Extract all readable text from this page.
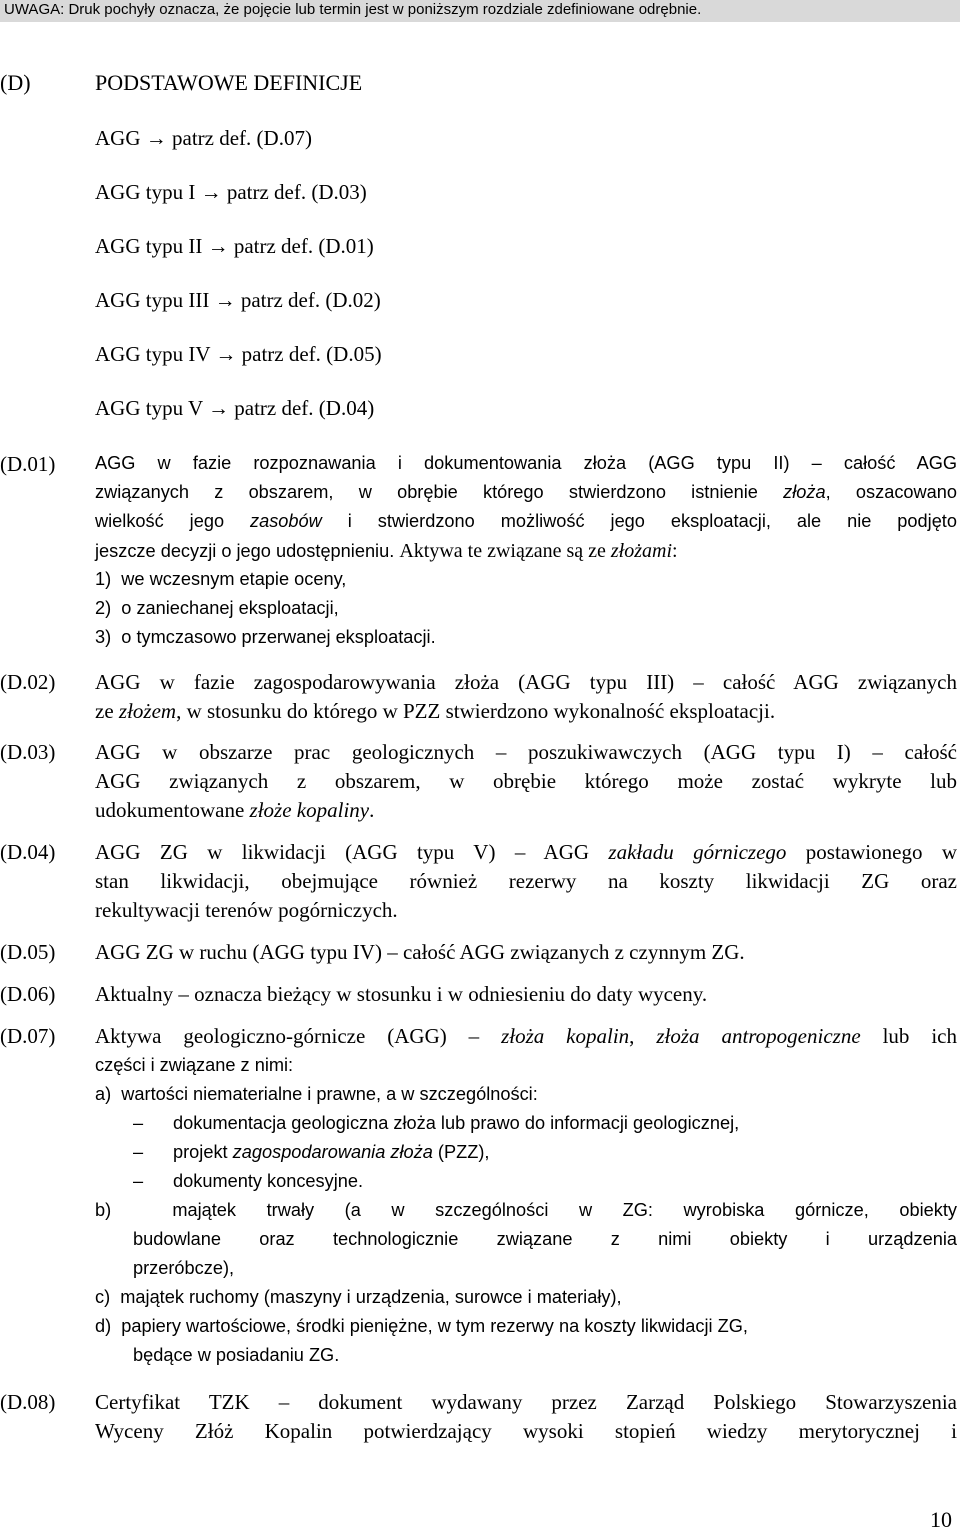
UWAGA: Druk pochyły oznacza, że pojęcie lub termin jest w poniższym rozdziale zdefiniowane odrębnie.
(D)	PODSTAWOWE DEFINICJE
AGG → patrz def. (D.07)
AGG typu I → patrz def. (D.03)
AGG typu II → patrz def. (D.01)
AGG typu III → patrz def. (D.02)
AGG typu IV → patrz def. (D.05)
AGG typu V → patrz def. (D.04)
(D.01) AGG w fazie rozpoznawania i dokumentowania złoża (AGG typu II) – całość AGG
związanych z obszarem, w obrębie którego stwierdzono istnienie złoża, oszacowano
wielkość jego zasobów i stwierdzono możliwość jego eksploatacji, ale nie podjęto
jeszcze decyzji o jego udostępnieniu. Aktywa te związane są ze złożami:
1)  we wczesnym etapie oceny,
2)  o zaniechanej eksploatacji,
3)  o tymczasowo przerwanej eksploatacji.
(D.02) AGG w fazie zagospodarowywania złoża (AGG typu III) – całość AGG związanych
ze złożem, w stosunku do którego w PZZ stwierdzono wykonalność eksploatacji.
(D.03) AGG w obszarze prac geologicznych – poszukiwawczych (AGG typu I) – całość
AGG związanych z obszarem, w obrębie którego może zostać wykryte lub
udokumentowane złoże kopaliny.
(D.04) AGG ZG w likwidacji (AGG typu V) – AGG zakładu górniczego postawionego w
stan likwidacji, obejmujące również rezerwy na koszty likwidacji ZG oraz
rekultywacji terenów pogórniczych.
(D.05) AGG ZG w ruchu (AGG typu IV) – całość AGG związanych z czynnym ZG.
(D.06) Aktualny – oznacza bieżący w stosunku i w odniesieniu do daty wyceny.
(D.07) Aktywa geologiczno-górnicze (AGG) – złoża kopalin, złoża antropogeniczne lub ich
części i związane z nimi:
a)  wartości niematerialne i prawne, a w szczególności:
– dokumentacja geologiczna złoża lub prawo do informacji geologicznej,
– projekt zagospodarowania złoża (PZZ),
– dokumenty koncesyjne.
b)  majątek trwały (a w szczególności w ZG: wyrobiska górnicze, obiekty
budowlane oraz technologicznie związane z nimi obiekty i urządzenia
przeróbcze),
c)  majątek ruchomy (maszyny i urządzenia, surowce i materiały),
d)  papiery wartościowe, środki pieniężne, w tym rezerwy na koszty likwidacji ZG,
będące w posiadaniu ZG.
(D.08) Certyfikat TZK – dokument wydawany przez Zarząd Polskiego Stowarzyszenia
Wyceny Złóż Kopalin potwierdzający wysoki stopień wiedzy merytorycznej i
10
